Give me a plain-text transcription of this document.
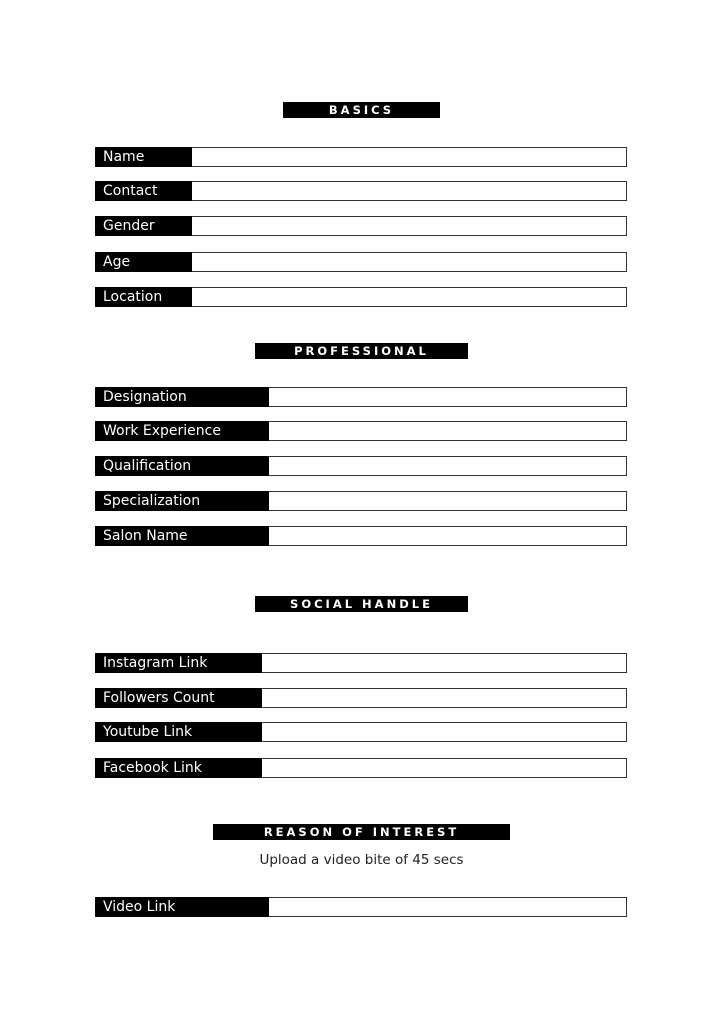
BASICS
Name
Contact
Gender
Age
Location
PROFESSIONAL
Designation
Work Experience
Qualification
Specialization
Salon Name
SOCIAL HANDLE
Instagram Link
Followers Count
Youtube Link
Facebook Link
REASON OF INTEREST
Upload a video bite of 45 secs
Video Link
